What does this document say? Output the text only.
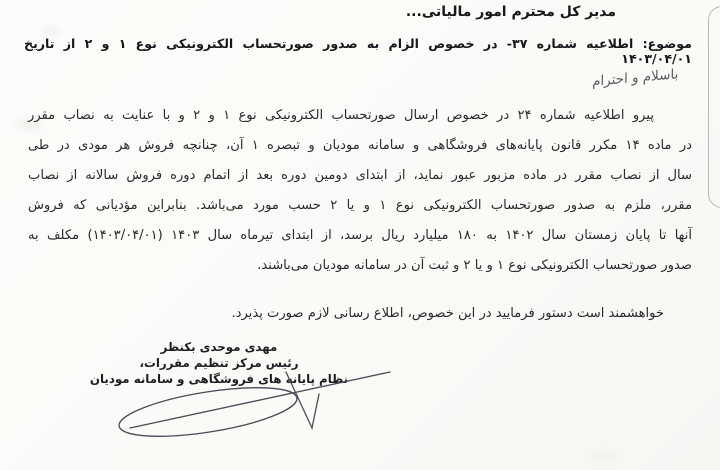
مدیر کل محترم امور مالیاتی...
موضوع: اطلاعیه شماره ۳۷- در خصوص الزام به صدور صورتحساب الکترونیکی نوع ۱ و ۲ از تاریخ ۱۴۰۳/۰۴/۰۱
باسلام و احترام
پیرو اطلاعیه شماره ۲۴ در خصوص ارسال صورتحساب الکترونیکی نوع ۱ و ۲ و با عنایت به نصاب مقرر
در ماده ۱۴ مکرر قانون پایانه‌های فروشگاهی و سامانه مودیان و تبصره ۱ آن، چنانچه فروش هر مودی در طی
سال از نصاب مقرر در ماده مزبور عبور نماید، از ابتدای دومین دوره بعد از اتمام دوره فروش سالانه از نصاب
مقرر، ملزم به صدور صورتحساب الکترونیکی نوع ۱ و یا ۲ حسب مورد می‌باشد. بنابراین مؤدیانی که فروش
آنها تا پایان زمستان سال ۱۴۰۲ به ۱۸۰ میلیارد ریال برسد، از ابتدای تیرماه سال ۱۴۰۳ (۱۴۰۳/۰۴/۰۱) مکلف به
صدور صورتحساب الکترونیکی نوع ۱ و یا ۲ و ثبت آن در سامانه مودیان می‌باشند.
خواهشمند است دستور فرمایید در این خصوص، اطلاع رسانی لازم صورت پذیرد.
مهدی موحدی بکنظر
رئیس مرکز تنظیم مقررات،
نظام پایانه های فروشگاهی و سامانه مودیان
